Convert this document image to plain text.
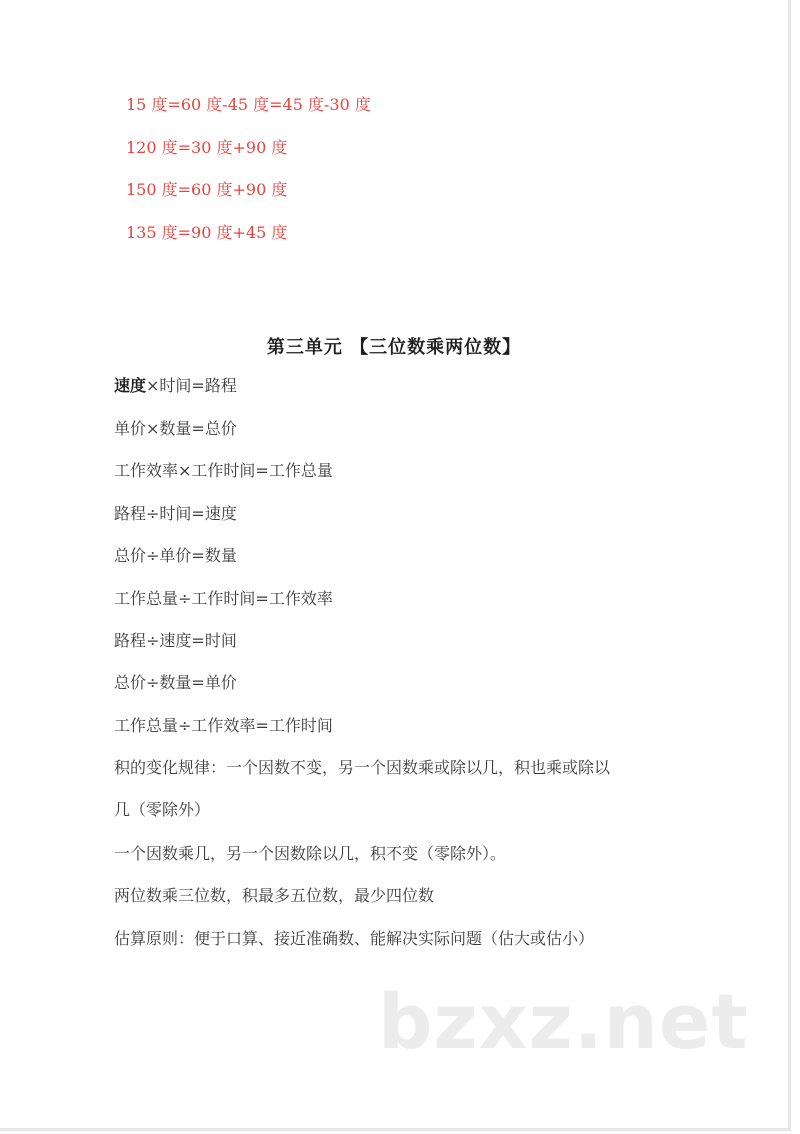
15 度=60 度-45 度=45 度-30 度
120 度=30 度+90 度
150 度=60 度+90 度
135 度=90 度+45 度
第三单元 【三位数乘两位数】
速度×时间=路程
单价×数量=总价
工作效率×工作时间=工作总量
路程÷时间=速度
总价÷单价=数量
工作总量÷工作时间=工作效率
路程÷速度=时间
总价÷数量=单价
工作总量÷工作效率=工作时间
积的变化规律：一个因数不变，另一个因数乘或除以几，积也乘或除以
几（零除外）
一个因数乘几，另一个因数除以几，积不变（零除外）。
两位数乘三位数，积最多五位数，最少四位数
估算原则：便于口算、接近准确数、能解决实际问题（估大或估小）
bzxz.net
